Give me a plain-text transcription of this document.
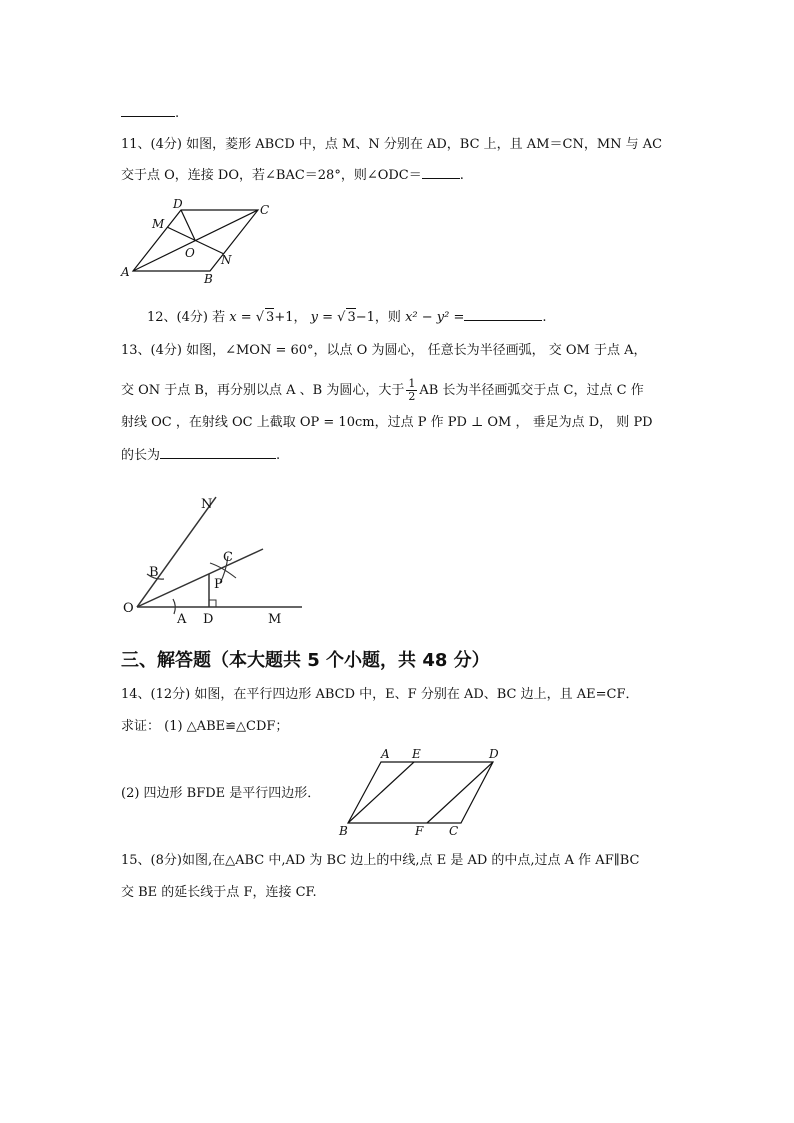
.
11、(4分) 如图，菱形 ABCD 中，点 M、N 分别在 AD，BC 上，且 AM＝CN，MN 与 AC
交于点 O，连接 DO，若∠BAC＝28°，则∠ODC＝	.
D	C
M
O
A	B
N
12、(4分) 若 x = √ 3+1， y = √ 3−1，则 x² − y² =	.
13、(4分) 如图，∠MON = 60°，以点 O 为圆心， 任意长为半径画弧， 交 OM 于点 A，
交 ON 于点 B，再分别以点 A 、B 为圆心，大于 $\frac{1}{2}$ AB 长为半径画弧交于点 C，过点 C 作
射线 OC ，在射线 OC 上截取 OP = 10cm，过点 P 作 PD ⊥ OM ， 垂足为点 D， 则 PD
的长为	.
N
B
C
P
O
A D	M
三、解答题（本大题共 5 个小题，共 48 分）
14、(12分) 如图，在平行四边形 ABCD 中，E、F 分别在 AD、BC 边上，且 AE=CF．
求证： (1) △ABE≌△CDF；
(2) 四边形 BFDE 是平行四边形．
A E	D
B	F C
15、(8分)如图,在△ABC 中,AD 为 BC 边上的中线,点 E 是 AD 的中点,过点 A 作 AF∥BC
交 BE 的延长线于点 F，连接 CF.
